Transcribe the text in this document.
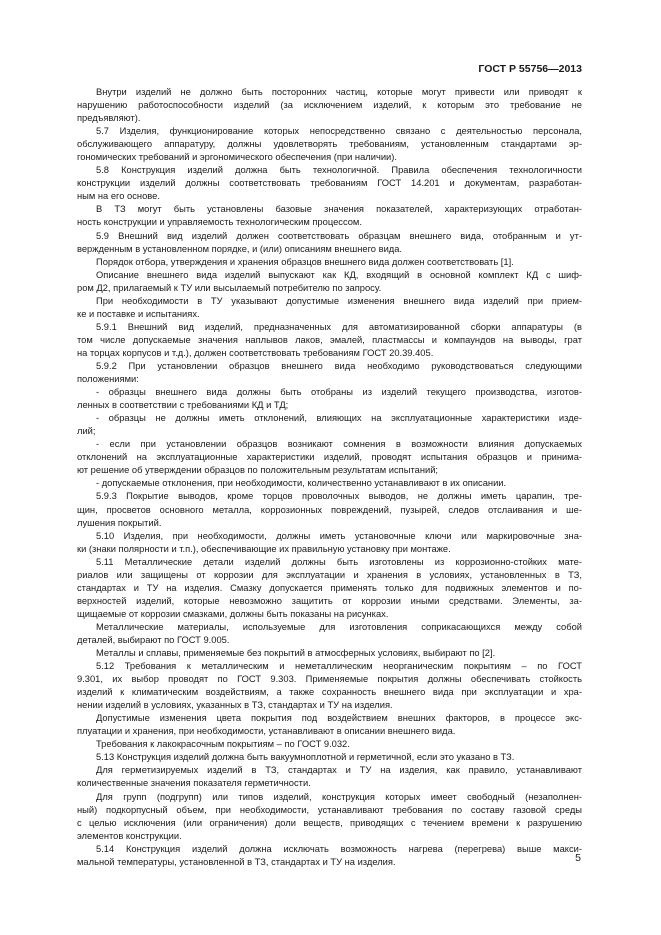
ГОСТ Р 55756—2013

Внутри изделий не должно быть посторонних частиц, которые могут привести или приводят к
нарушению работоспособности изделий (за исключением изделий, к которым это требование не
предъявляют).

5.7 Изделия, функционирование которых непосредственно связано с деятельностью персонала,
обслуживающего аппаратуру, должны удовлетворять требованиям, установленным стандартами эр-
гономических требований и эргономического обеспечения (при наличии).

5.8 Конструкция изделий должна быть технологичной. Правила обеспечения технологичности
конструкции изделий должны соответствовать требованиям ГОСТ 14.201 и документам, разработан-
ным на его основе.

В ТЗ могут быть установлены базовые значения показателей, характеризующих отработан-
ность конструкции и управляемость технологическим процессом.

5.9 Внешний вид изделий должен соответствовать образцам внешнего вида, отобранным и ут-
вержденным в установленном порядке, и (или) описаниям внешнего вида.

Порядок отбора, утверждения и хранения образцов внешнего вида должен соответствовать [1].

Описание внешнего вида изделий выпускают как КД, входящий в основной комплект КД с шиф-
ром Д2, прилагаемый к ТУ или высылаемый потребителю по запросу.

При необходимости в ТУ указывают допустимые изменения внешнего вида изделий при прием-
ке и поставке и испытаниях.

5.9.1 Внешний вид изделий, предназначенных для автоматизированной сборки аппаратуры (в
том числе допускаемые значения наплывов лаков, эмалей, пластмассы и компаундов на выводы, грат
на торцах корпусов и т.д.), должен соответствовать требованиям ГОСТ 20.39.405.

5.9.2 При установлении образцов внешнего вида необходимо руководствоваться следующими
положениями:

- образцы внешнего вида должны быть отобраны из изделий текущего производства, изготов-
ленных в соответствии с требованиями КД и ТД;

- образцы не должны иметь отклонений, влияющих на эксплуатационные характеристики изде-
лий;

- если при установлении образцов возникают сомнения в возможности влияния допускаемых
отклонений на эксплуатационные характеристики изделий, проводят испытания образцов и принима-
ют решение об утверждении образцов по положительным результатам испытаний;

- допускаемые отклонения, при необходимости, количественно устанавливают в их описании.

5.9.3 Покрытие выводов, кроме торцов проволочных выводов, не должны иметь царапин, тре-
щин, просветов основного металла, коррозионных повреждений, пузырей, следов отслаивания и ше-
лушения покрытий.

5.10 Изделия, при необходимости, должны иметь установочные ключи или маркировочные зна-
ки (знаки полярности и т.п.), обеспечивающие их правильную установку при монтаже.

5.11 Металлические детали изделий должны быть изготовлены из коррозионно-стойких мате-
риалов или защищены от коррозии для эксплуатации и хранения в условиях, установленных в ТЗ,
стандартах и ТУ на изделия. Смазку допускается применять только для подвижных элементов и по-
верхностей изделий, которые невозможно защитить от коррозии иными средствами. Элементы, за-
щищаемые от коррозии смазками, должны быть показаны на рисунках.

Металлические материалы, используемые для изготовления соприкасающихся между собой
деталей, выбирают по ГОСТ 9.005.

Металлы и сплавы, применяемые без покрытий в атмосферных условиях, выбирают по [2].

5.12 Требования к металлическим и неметаллическим неорганическим покрытиям – по ГОСТ
9.301, их выбор проводят по ГОСТ 9.303. Применяемые покрытия должны обеспечивать стойкость
изделий к климатическим воздействиям, а также сохранность внешнего вида при эксплуатации и хра-
нении изделий в условиях, указанных в ТЗ, стандартах и ТУ на изделия.

Допустимые изменения цвета покрытия под воздействием внешних факторов, в процессе экс-
плуатации и хранения, при необходимости, устанавливают в описании внешнего вида.

Требования к лакокрасочным покрытиям – по ГОСТ 9.032.

5.13 Конструкция изделий должна быть вакуумноплотной и герметичной, если это указано в ТЗ.

Для герметизируемых изделий в ТЗ, стандартах и ТУ на изделия, как правило, устанавливают
количественные значения показателя герметичности.

Для групп (подгрупп) или типов изделий, конструкция которых имеет свободный (незаполнен-
ный) подкорпусный объем, при необходимости, устанавливают требования по составу газовой среды
с целью исключения (или ограничения) доли веществ, приводящих с течением времени к разрушению
элементов конструкции.

5.14 Конструкция изделий должна исключать возможность нагрева (перегрева) выше макси-
мальной температуры, установленной в ТЗ, стандартах и ТУ на изделия.	5
